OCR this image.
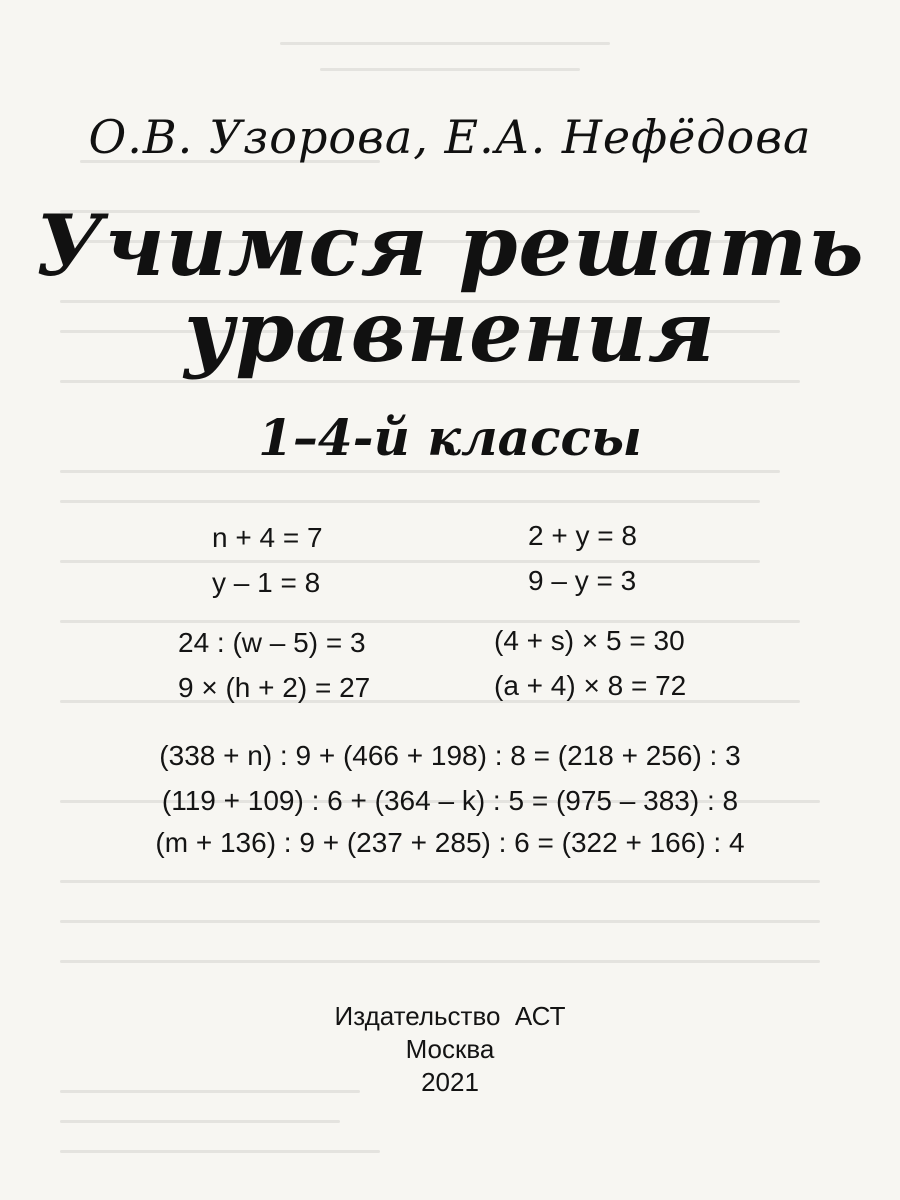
О.В. Узорова, Е.А. Нефёдова
Учимся решать
уравнения
1–4-й классы
n + 4 = 7
y – 1 = 8
2 + y = 8
9 – y = 3
24 : (w – 5) = 3
9 × (h + 2) = 27
(4 + s) × 5 = 30
(a + 4) × 8 = 72
(338 + n) : 9 + (466 + 198) : 8 = (218 + 256) : 3
(119 + 109) : 6 + (364 – k) : 5 = (975 – 383) : 8
(m + 136) : 9 + (237 + 285) : 6 = (322 + 166) : 4
Издательство  АСТ
Москва
2021
